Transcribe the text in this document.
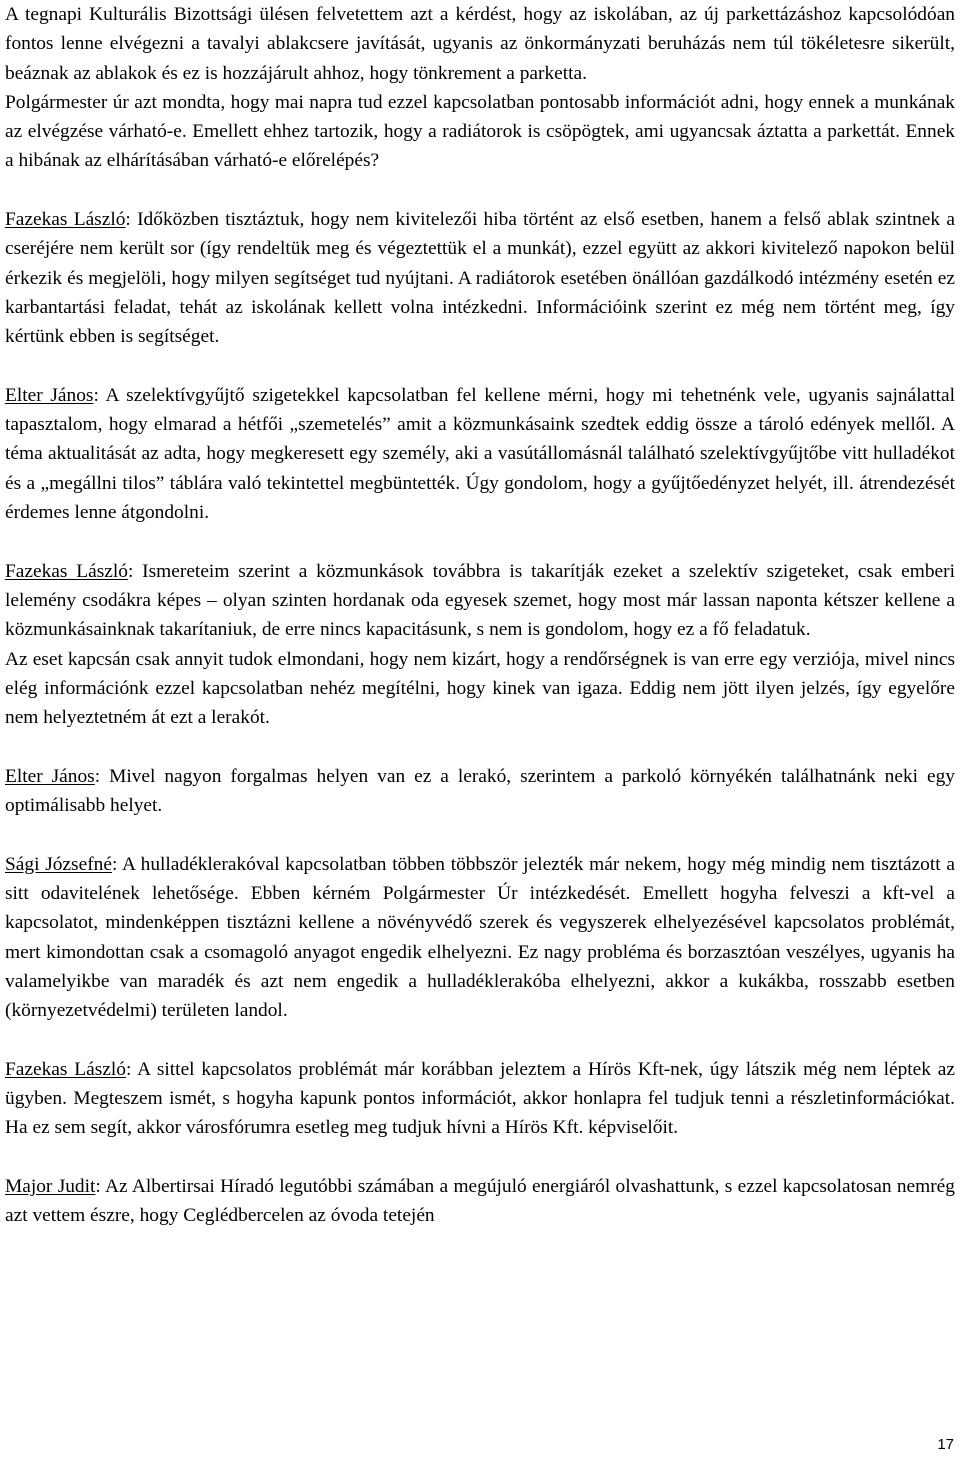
A tegnapi Kulturális Bizottsági ülésen felvetettem azt a kérdést, hogy az iskolában, az új parkettázáshoz kapcsolódóan fontos lenne elvégezni a tavalyi ablakcsere javítását, ugyanis az önkormányzati beruházás nem túl tökéletesre sikerült, beáznak az ablakok és ez is hozzájárult ahhoz, hogy tönkrement a parketta.

Polgármester úr azt mondta, hogy mai napra tud ezzel kapcsolatban pontosabb információt adni, hogy ennek a munkának az elvégzése várható-e. Emellett ehhez tartozik, hogy a radiátorok is csöpögtek, ami ugyancsak áztatta a parkettát. Ennek a hibának az elhárításában várható-e előrelépés?

Fazekas László: Időközben tisztáztuk, hogy nem kivitelezői hiba történt az első esetben, hanem a felső ablak szintnek a cseréjére nem került sor (így rendeltük meg és végeztettük el a munkát), ezzel együtt az akkori kivitelező napokon belül érkezik és megjelöli, hogy milyen segítséget tud nyújtani. A radiátorok esetében önállóan gazdálkodó intézmény esetén ez karbantartási feladat, tehát az iskolának kellett volna intézkedni. Információink szerint ez még nem történt meg, így kértünk ebben is segítséget.

Elter János: A szelektívgyűjtő szigetekkel kapcsolatban fel kellene mérni, hogy mi tehetnénk vele, ugyanis sajnálattal tapasztalom, hogy elmarad a hétfői „szemetelés” amit a közmunkásaink szedtek eddig össze a tároló edények mellől. A téma aktualitását az adta, hogy megkeresett egy személy, aki a vasútállomásnál található szelektívgyűjtőbe vitt hulladékot és a „megállni tilos” táblára való tekintettel megbüntették. Úgy gondolom, hogy a gyűjtőedényzet helyét, ill. átrendezését érdemes lenne átgondolni.

Fazekas László: Ismereteim szerint a közmunkások továbbra is takarítják ezeket a szelektív szigeteket, csak emberi lelemény csodákra képes – olyan szinten hordanak oda egyesek szemet, hogy most már lassan naponta kétszer kellene a közmunkásainknak takarítaniuk, de erre nincs kapacitásunk, s nem is gondolom, hogy ez a fő feladatuk.

Az eset kapcsán csak annyit tudok elmondani, hogy nem kizárt, hogy a rendőrségnek is van erre egy verziója, mivel nincs elég információnk ezzel kapcsolatban nehéz megítélni, hogy kinek van igaza. Eddig nem jött ilyen jelzés, így egyelőre nem helyeztetném át ezt a lerakót.

Elter János: Mivel nagyon forgalmas helyen van ez a lerakó, szerintem a parkoló környékén találhatnánk neki egy optimálisabb helyet.

Sági Józsefné: A hulladéklerakóval kapcsolatban többen többször jelezték már nekem, hogy még mindig nem tisztázott a sitt odavitelének lehetősége. Ebben kérném Polgármester Úr intézkedését. Emellett hogyha felveszi a kft-vel a kapcsolatot, mindenképpen tisztázni kellene a növényvédő szerek és vegyszerek elhelyezésével kapcsolatos problémát, mert kimondottan csak a csomagoló anyagot engedik elhelyezni. Ez nagy probléma és borzasztóan veszélyes, ugyanis ha valamelyikbe van maradék és azt nem engedik a hulladéklerakóba elhelyezni, akkor a kukákba, rosszabb esetben (környezetvédelmi) területen landol.

Fazekas László: A sittel kapcsolatos problémát már korábban jeleztem a Hírös Kft-nek, úgy látszik még nem léptek az ügyben. Megteszem ismét, s hogyha kapunk pontos információt, akkor honlapra fel tudjuk tenni a részletinformációkat. Ha ez sem segít, akkor városfórumra esetleg meg tudjuk hívni a Hírös Kft. képviselőit.

Major Judit: Az Albertirsai Híradó legutóbbi számában a megújuló energiáról olvashattunk, s ezzel kapcsolatosan nemrég azt vettem észre, hogy Ceglédbercelen az óvoda tetején

17
